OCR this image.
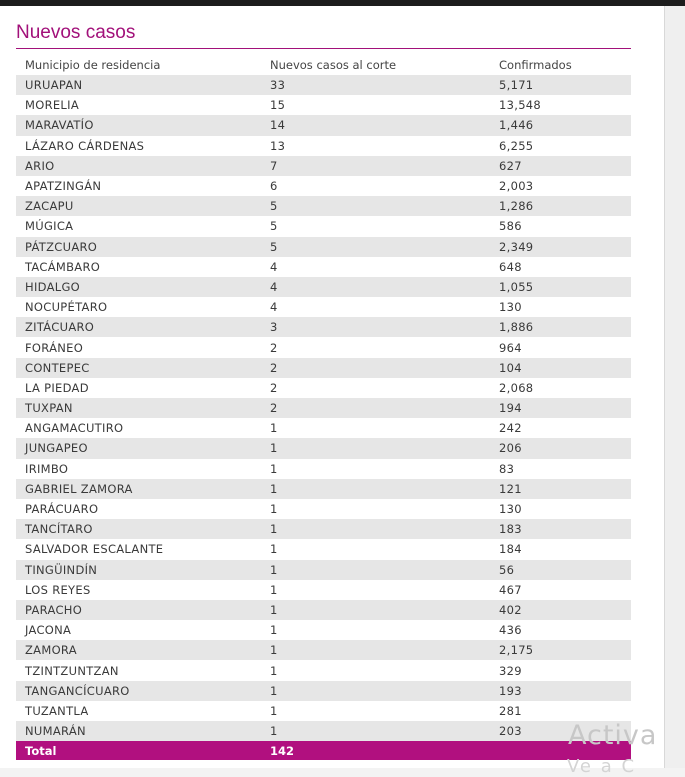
Nuevos casos
Municipio de residencia	Nuevos casos al corte	Confirmados
URUAPAN	33	5,171
MORELIA	15	13,548
MARAVATÍO	14	1,446
LÁZARO CÁRDENAS	13	6,255
ARIO	7	627
APATZINGÁN	6	2,003
ZACAPU	5	1,286
MÚGICA	5	586
PÁTZCUARO	5	2,349
TACÁMBARO	4	648
HIDALGO	4	1,055
NOCUPÉTARO	4	130
ZITÁCUARO	3	1,886
FORÁNEO	2	964
CONTEPEC	2	104
LA PIEDAD	2	2,068
TUXPAN	2	194
ANGAMACUTIRO	1	242
JUNGAPEO	1	206
IRIMBO	1	83
GABRIEL ZAMORA	1	121
PARÁCUARO	1	130
TANCÍTARO	1	183
SALVADOR ESCALANTE	1	184
TINGÜINDÍN	1	56
LOS REYES	1	467
PARACHO	1	402
JACONA	1	436
ZAMORA	1	2,175
TZINTZUNTZAN	1	329
TANGANCÍCUARO	1	193
TUZANTLA	1	281
NUMARÁN	1	203
Total	142		Activa
Ve a C
